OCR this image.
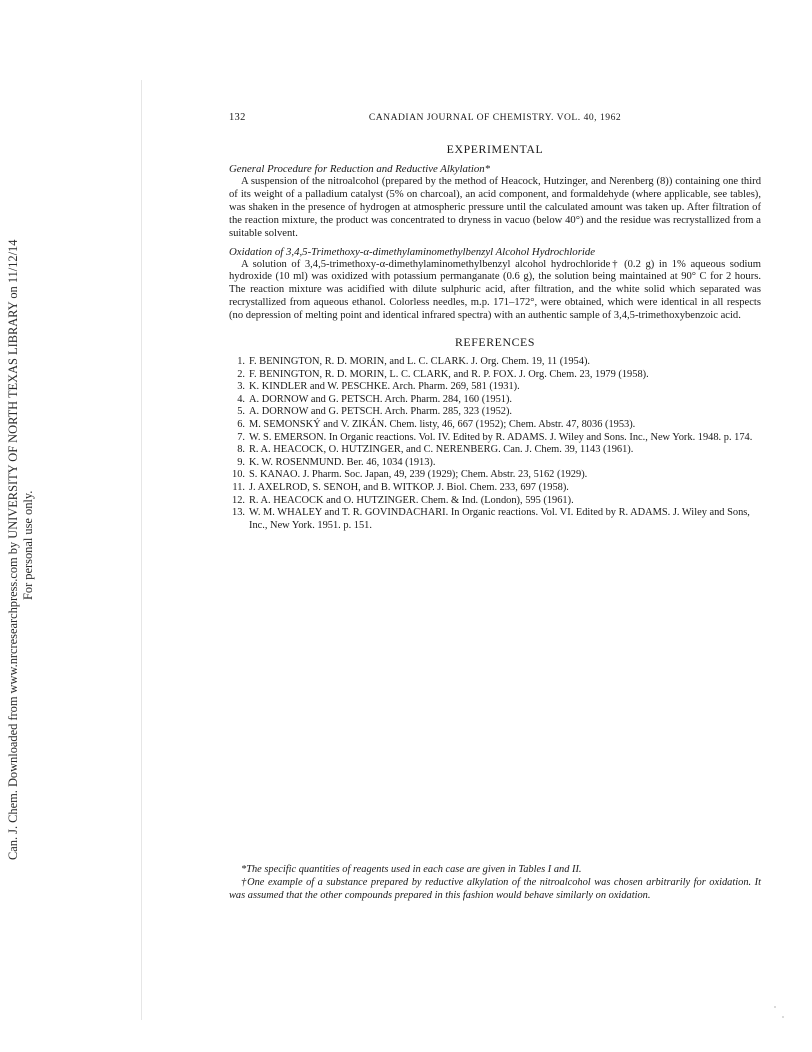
Can. J. Chem. Downloaded from www.nrcresearchpress.com by UNIVERSITY OF NORTH TEXAS LIBRARY on 11/12/14 For personal use only.
132	CANADIAN JOURNAL OF CHEMISTRY. VOL. 40, 1962
EXPERIMENTAL

General Procedure for Reduction and Reductive Alkylation*

A suspension of the nitroalcohol (prepared by the method of Heacock, Hutzinger, and Nerenberg (8)) containing one third of its weight of a palladium catalyst (5% on charcoal), an acid component, and formaldehyde (where applicable, see tables), was shaken in the presence of hydrogen at atmospheric pressure until the calculated amount was taken up. After filtration of the reaction mixture, the product was concentrated to dryness in vacuo (below 40°) and the residue was recrystallized from a suitable solvent.

Oxidation of 3,4,5-Trimethoxy-α-dimethylaminomethylbenzyl Alcohol Hydrochloride

A solution of 3,4,5-trimethoxy-α-dimethylaminomethylbenzyl alcohol hydrochloride† (0.2 g) in 1% aqueous sodium hydroxide (10 ml) was oxidized with potassium permanganate (0.6 g), the solution being maintained at 90° C for 2 hours. The reaction mixture was acidified with dilute sulphuric acid, after filtration, and the white solid which separated was recrystallized from aqueous ethanol. Colorless needles, m.p. 171–172°, were obtained, which were identical in all respects (no depression of melting point and identical infrared spectra) with an authentic sample of 3,4,5-trimethoxybenzoic acid.

REFERENCES
1. F. BENINGTON, R. D. MORIN, and L. C. CLARK. J. Org. Chem. 19, 11 (1954).
2. F. BENINGTON, R. D. MORIN, L. C. CLARK, and R. P. FOX. J. Org. Chem. 23, 1979 (1958).
3. K. KINDLER and W. PESCHKE. Arch. Pharm. 269, 581 (1931).
4. A. DORNOW and G. PETSCH. Arch. Pharm. 284, 160 (1951).
5. A. DORNOW and G. PETSCH. Arch. Pharm. 285, 323 (1952).
6. M. SEMONSKÝ and V. ZIKÁN. Chem. listy, 46, 667 (1952); Chem. Abstr. 47, 8036 (1953).
7. W. S. EMERSON. In Organic reactions. Vol. IV. Edited by R. ADAMS. J. Wiley and Sons. Inc., New York. 1948. p. 174.
8. R. A. HEACOCK, O. HUTZINGER, and C. NERENBERG. Can. J. Chem. 39, 1143 (1961).
9. K. W. ROSENMUND. Ber. 46, 1034 (1913).
10. S. KANAO. J. Pharm. Soc. Japan, 49, 239 (1929); Chem. Abstr. 23, 5162 (1929).
11. J. AXELROD, S. SENOH, and B. WITKOP. J. Biol. Chem. 233, 697 (1958).
12. R. A. HEACOCK and O. HUTZINGER. Chem. & Ind. (London), 595 (1961).
13. W. M. WHALEY and T. R. GOVINDACHARI. In Organic reactions. Vol. VI. Edited by R. ADAMS. J. Wiley and Sons, Inc., New York. 1951. p. 151.

*The specific quantities of reagents used in each case are given in Tables I and II.

†One example of a substance prepared by reductive alkylation of the nitroalcohol was chosen arbitrarily for oxidation. It was assumed that the other compounds prepared in this fashion would behave similarly on oxidation.
